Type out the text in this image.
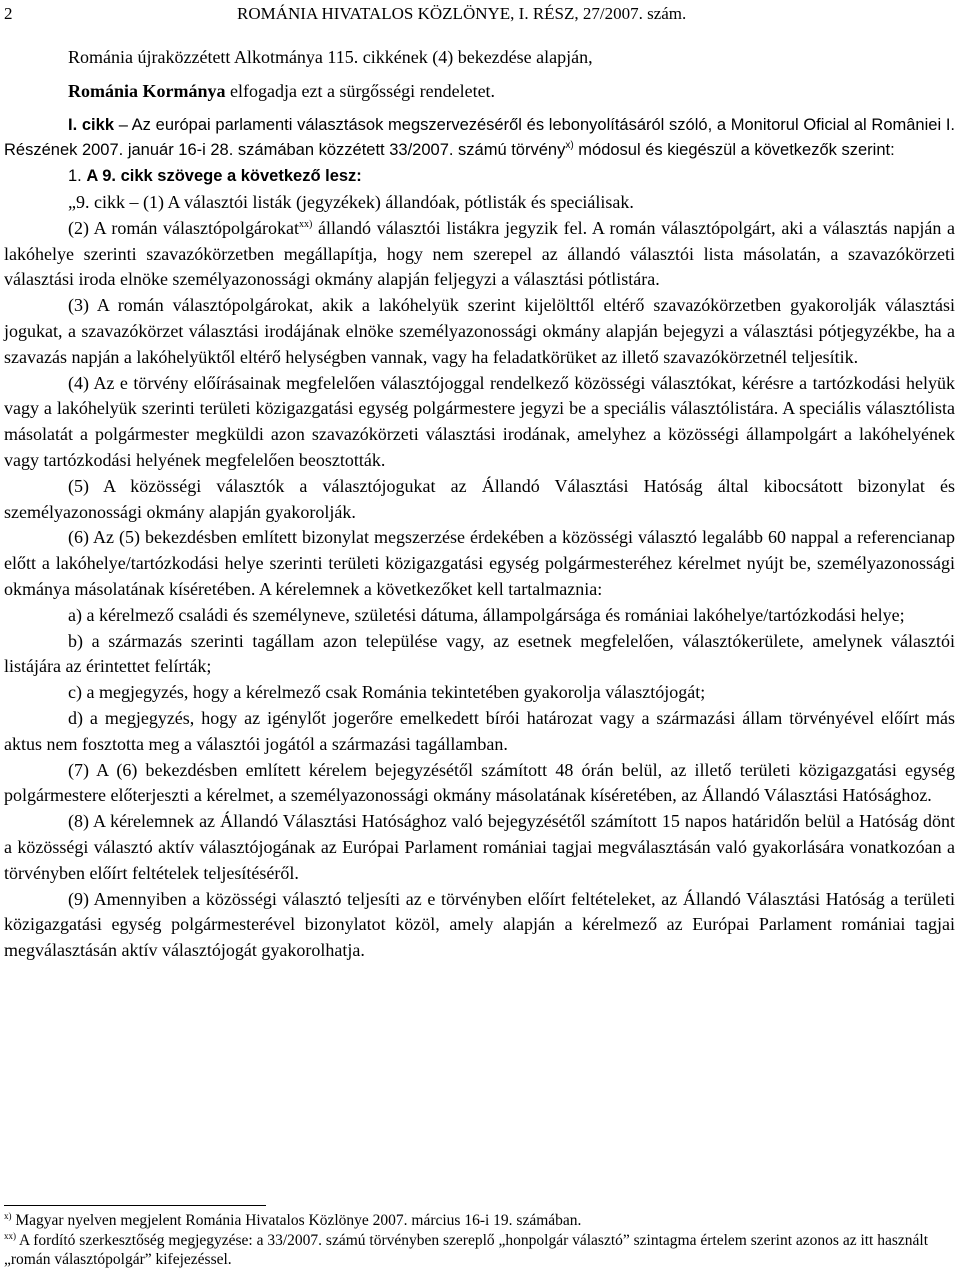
2	ROMÁNIA HIVATALOS KÖZLÖNYE, I. RÉSZ, 27/2007. szám.

Románia újraközzétett Alkotmánya 115. cikkének (4) bekezdése alapján,

Románia Kormánya elfogadja ezt a sürgősségi rendeletet.

I. cikk – Az európai parlamenti választások megszervezéséről és lebonyolításáról szóló, a Monitorul Oficial al României I. Részének 2007. január 16-i 28. számában közzétett 33/2007. számú törvény$^{x)}$ módosul és kiegészül a következők szerint:

1. A 9. cikk szövege a következő lesz:

„9. cikk – (1) A választói listák (jegyzékek) állandóak, pótlisták és speciálisak.

(2) A román választópolgárokat$^{xx)}$ állandó választói listákra jegyzik fel. A román választópolgárt, aki a választás napján a lakóhelye szerinti szavazókörzetben megállapítja, hogy nem szerepel az állandó választói lista másolatán, a szavazókörzeti választási iroda elnöke személyazonossági okmány alapján feljegyzi a választási pótlistára.

(3) A román választópolgárokat, akik a lakóhelyük szerint kijelölttől eltérő szavazókörzetben gyakorolják választási jogukat, a szavazókörzet választási irodájának elnöke személyazonossági okmány alapján bejegyzi a választási pótjegyzékbe, ha a szavazás napján a lakóhelyüktől eltérő helységben vannak, vagy ha feladatkörüket az illető szavazókörzetnél teljesítik.

(4) Az e törvény előírásainak megfelelően választójoggal rendelkező közösségi választókat, kérésre a tartózkodási helyük vagy a lakóhelyük szerinti területi közigazgatási egység polgármestere jegyzi be a speciális választólistára. A speciális választólista másolatát a polgármester megküldi azon szavazókörzeti választási irodának, amelyhez a közösségi állampolgárt a lakóhelyének vagy tartózkodási helyének megfelelően beosztották.

(5) A közösségi választók a választójogukat az Állandó Választási Hatóság által kibocsátott bizonylat és személyazonossági okmány alapján gyakorolják.

(6) Az (5) bekezdésben említett bizonylat megszerzése érdekében a közösségi választó legalább 60 nappal a referencianap előtt a lakóhelye/tartózkodási helye szerinti területi közigazgatási egység polgármesteréhez kérelmet nyújt be, személyazonossági okmánya másolatának kíséretében. A kérelemnek a következőket kell tartalmaznia:

a) a kérelmező családi és személyneve, születési dátuma, állampolgársága és romániai lakóhelye/tartózkodási helye;

b) a származás szerinti tagállam azon települése vagy, az esetnek megfelelően, választókerülete, amelynek választói listájára az érintettet felírták;

c) a megjegyzés, hogy a kérelmező csak Románia tekintetében gyakorolja választójogát;

d) a megjegyzés, hogy az igénylőt jogerőre emelkedett bírói határozat vagy a származási állam törvényével előírt más aktus nem fosztotta meg a választói jogától a származási tagállamban.

(7) A (6) bekezdésben említett kérelem bejegyzésétől számított 48 órán belül, az illető területi közigazgatási egység polgármestere előterjeszti a kérelmet, a személyazonossági okmány másolatának kíséretében, az Állandó Választási Hatósághoz.

(8) A kérelemnek az Állandó Választási Hatósághoz való bejegyzésétől számított 15 napos határidőn belül a Hatóság dönt a közösségi választó aktív választójogának az Európai Parlament romániai tagjai megválasztásán való gyakorlására vonatkozóan a törvényben előírt feltételek teljesítéséről.

(9) Amennyiben a közösségi választó teljesíti az e törvényben előírt feltételeket, az Állandó Választási Hatóság a területi közigazgatási egység polgármesterével bizonylatot közöl, amely alapján a kérelmező az Európai Parlament romániai tagjai megválasztásán aktív választójogát gyakorolhatja.

$^{x)}$ Magyar nyelven megjelent Románia Hivatalos Közlönye 2007. március 16-i 19. számában.

$^{xx)}$ A fordító szerkesztőség megjegyzése: a 33/2007. számú törvényben szereplő „honpolgár választó” szintagma értelem szerint azonos az itt használt „román választópolgár” kifejezéssel.
